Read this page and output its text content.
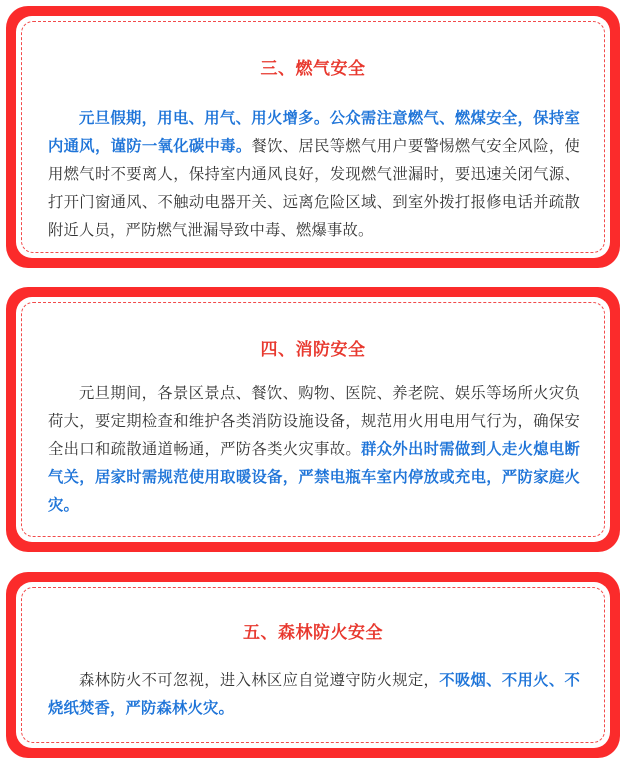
三、燃气安全
元旦假期，用电、用气、用火增多。公众需注意燃气、燃煤安全，保持室内通风，谨防一氧化碳中毒。餐饮、居民等燃气用户要警惕燃气安全风险，使用燃气时不要离人，保持室内通风良好，发现燃气泄漏时，要迅速关闭气源、打开门窗通风、不触动电器开关、远离危险区域、到室外拨打报修电话并疏散附近人员，严防燃气泄漏导致中毒、燃爆事故。
四、消防安全
元旦期间，各景区景点、餐饮、购物、医院、养老院、娱乐等场所火灾负荷大，要定期检查和维护各类消防设施设备，规范用火用电用气行为，确保安全出口和疏散通道畅通，严防各类火灾事故。群众外出时需做到人走火熄电断气关，居家时需规范使用取暖设备，严禁电瓶车室内停放或充电，严防家庭火灾。
五、森林防火安全
森林防火不可忽视，进入林区应自觉遵守防火规定，不吸烟、不用火、不烧纸焚香，严防森林火灾。
